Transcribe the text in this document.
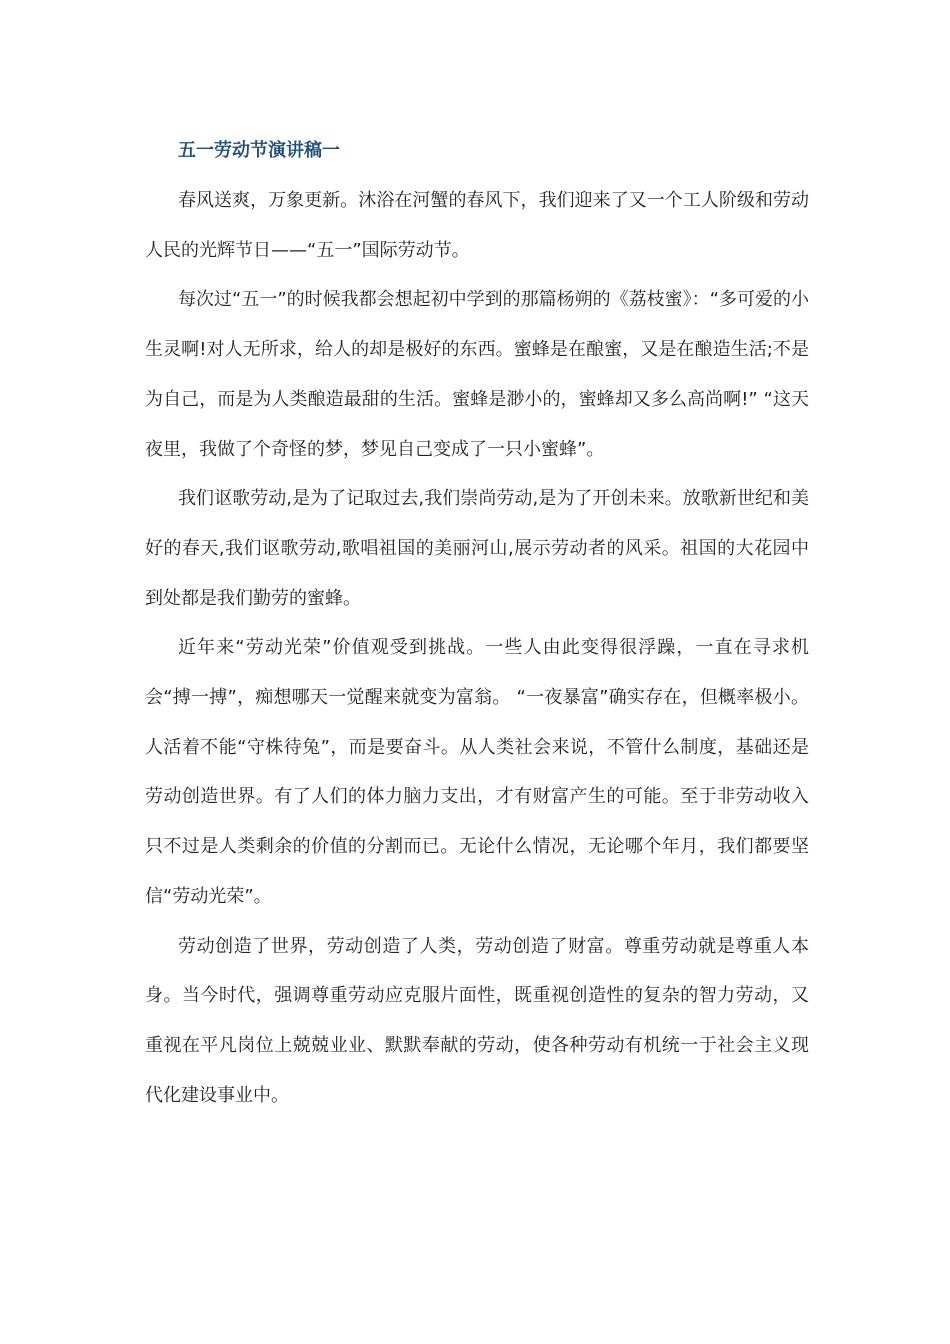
五一劳动节演讲稿一

春风送爽，万象更新。沐浴在河蟹的春风下，我们迎来了又一个工人阶级和劳动人民的光辉节日——“五一”国际劳动节。

每次过“五一”的时候我都会想起初中学到的那篇杨朔的《荔枝蜜》：“多可爱的小生灵啊!对人无所求，给人的却是极好的东西。蜜蜂是在酿蜜，又是在酿造生活;不是为自己，而是为人类酿造最甜的生活。蜜蜂是渺小的，蜜蜂却又多么高尚啊!” “这天夜里，我做了个奇怪的梦，梦见自己变成了一只小蜜蜂”。

我们讴歌劳动,是为了记取过去,我们崇尚劳动,是为了开创未来。放歌新世纪和美好的春天,我们讴歌劳动,歌唱祖国的美丽河山,展示劳动者的风采。祖国的大花园中到处都是我们勤劳的蜜蜂。

近年来“劳动光荣”价值观受到挑战。一些人由此变得很浮躁，一直在寻求机会“搏一搏”，痴想哪天一觉醒来就变为富翁。 “一夜暴富”确实存在，但概率极小。人活着不能“守株待兔”，而是要奋斗。从人类社会来说，不管什么制度，基础还是劳动创造世界。有了人们的体力脑力支出，才有财富产生的可能。至于非劳动收入只不过是人类剩余的价值的分割而已。无论什么情况，无论哪个年月，我们都要坚信“劳动光荣”。

劳动创造了世界，劳动创造了人类，劳动创造了财富。尊重劳动就是尊重人本身。当今时代，强调尊重劳动应克服片面性，既重视创造性的复杂的智力劳动，又重视在平凡岗位上兢兢业业、默默奉献的劳动，使各种劳动有机统一于社会主义现代化建设事业中。
